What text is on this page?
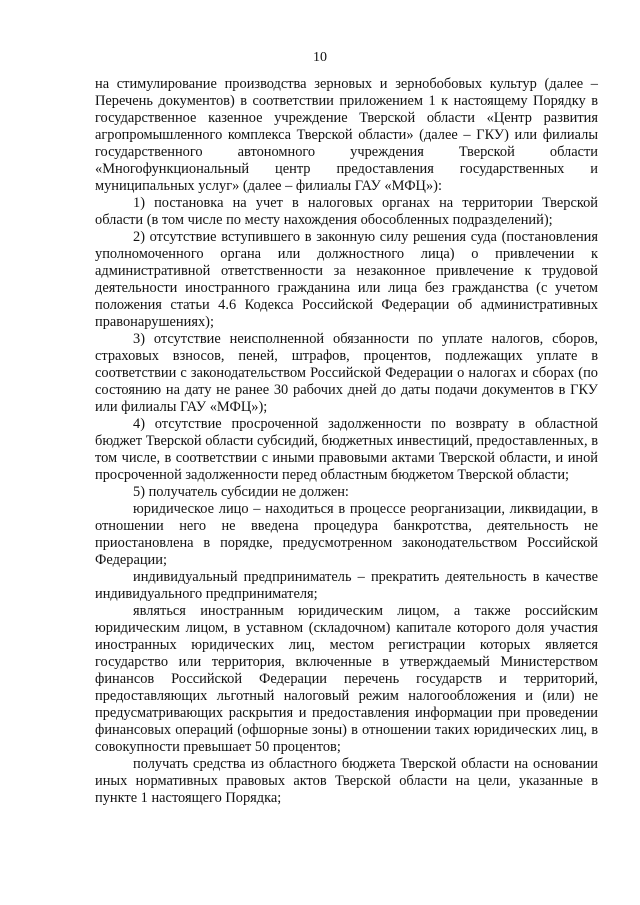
10

на стимулирование производства зерновых и зернобобовых культур (далее – Перечень документов) в соответствии приложением 1 к настоящему Порядку в государственное казенное учреждение Тверской области «Центр развития агропромышленного комплекса Тверской области» (далее – ГКУ) или филиалы государственного автономного учреждения Тверской области «Многофункциональный центр предоставления государственных и муниципальных услуг» (далее – филиалы ГАУ «МФЦ»):

1) постановка на учет в налоговых органах на территории Тверской области (в том числе по месту нахождения обособленных подразделений);

2) отсутствие вступившего в законную силу решения суда (постановления уполномоченного органа или должностного лица) о привлечении к административной ответственности за незаконное привлечение к трудовой деятельности иностранного гражданина или лица без гражданства (с учетом положения статьи 4.6 Кодекса Российской Федерации об административных правонарушениях);

3) отсутствие неисполненной обязанности по уплате налогов, сборов, страховых взносов, пеней, штрафов, процентов, подлежащих уплате в соответствии с законодательством Российской Федерации о налогах и сборах (по состоянию на дату не ранее 30 рабочих дней до даты подачи документов в ГКУ или филиалы ГАУ «МФЦ»);

4) отсутствие просроченной задолженности по возврату в областной бюджет Тверской области субсидий, бюджетных инвестиций, предоставленных, в том числе, в соответствии с иными правовыми актами Тверской области, и иной просроченной задолженности перед областным бюджетом Тверской области;

5) получатель субсидии не должен:

юридическое лицо – находиться в процессе реорганизации, ликвидации, в отношении него не введена процедура банкротства, деятельность не приостановлена в порядке, предусмотренном законодательством Российской Федерации;

индивидуальный предприниматель – прекратить деятельность в качестве индивидуального предпринимателя;

являться иностранным юридическим лицом, а также российским юридическим лицом, в уставном (складочном) капитале которого доля участия иностранных юридических лиц, местом регистрации которых является государство или территория, включенные в утверждаемый Министерством финансов Российской Федерации перечень государств и территорий, предоставляющих льготный налоговый режим налогообложения и (или) не предусматривающих раскрытия и предоставления информации при проведении финансовых операций (офшорные зоны) в отношении таких юридических лиц, в совокупности превышает 50 процентов;

получать средства из областного бюджета Тверской области на основании иных нормативных правовых актов Тверской области на цели, указанные в пункте 1 настоящего Порядка;
